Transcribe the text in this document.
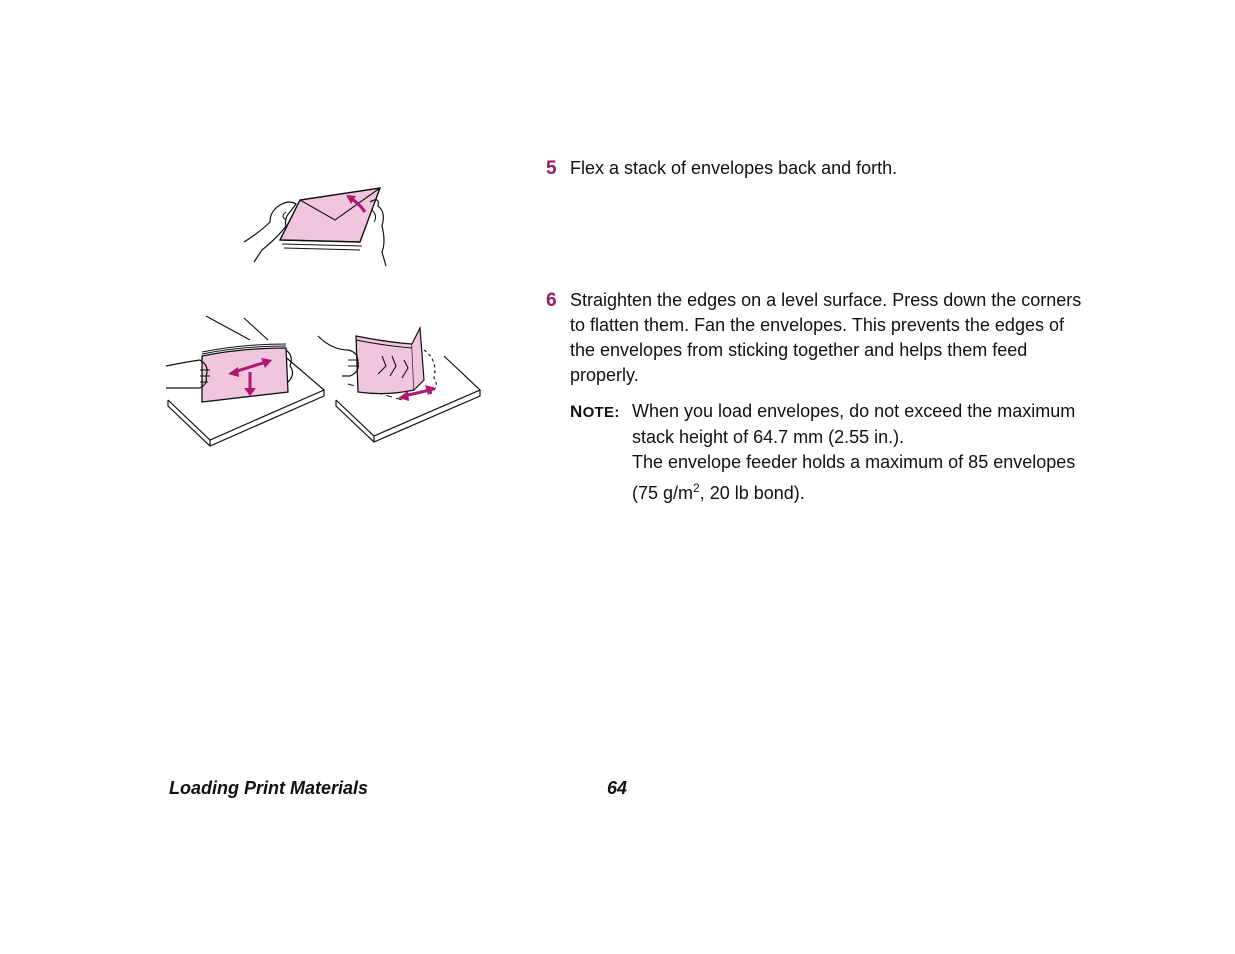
5 Flex a stack of envelopes back and forth.
6 Straighten the edges on a level surface. Press down the corners to flatten them. Fan the envelopes. This prevents the edges of the envelopes from sticking together and helps them feed properly.
NOTE: When you load envelopes, do not exceed the maximum stack height of 64.7 mm (2.55 in.).

The envelope feeder holds a maximum of 85 envelopes (75 $g/m^2$, 20 lb bond).

Loading Print Materials	64
